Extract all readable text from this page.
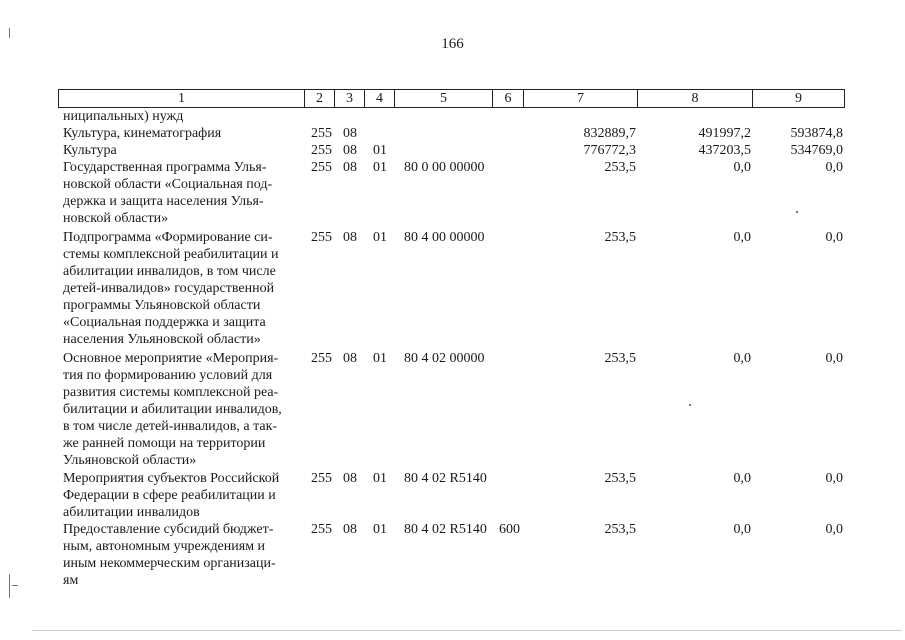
166
1	2	3	4	5	6	7	8	9
ниципальных) нужд
Культура, кинематография	255 08	832889,7	491997,2	593874,8
Культура	255 08 01	776772,3	437203,5	534769,0
Государственная программа Улья-
новской области «Социальная под-
держка и защита населения Улья-
новской области»
255 08 01 80 0 00 00000	253,5	0,0	0,0
Подпрограмма «Формирование си-
стемы комплексной реабилитации и
абилитации инвалидов, в том числе
детей-инвалидов» государственной
программы Ульяновской области
«Социальная поддержка и защита
населения Ульяновской области»
255 08 01 80 4 00 00000	253,5	0,0	0,0
Основное мероприятие «Мероприя-
тия по формированию условий для
развития системы комплексной реа-
билитации и абилитации инвалидов,
в том числе детей-инвалидов, а так-
же ранней помощи на территории
Ульяновской области»
255 08 01 80 4 02 00000	253,5	0,0	0,0
Мероприятия субъектов Российской
Федерации в сфере реабилитации и
абилитации инвалидов
255 08 01 80 4 02 R5140	253,5	0,0	0,0
Предоставление субсидий бюджет-
ным, автономным учреждениям и
иным некоммерческим организаци-
ям
255 08 01 80 4 02 R5140 600	253,5	0,0	0,0
